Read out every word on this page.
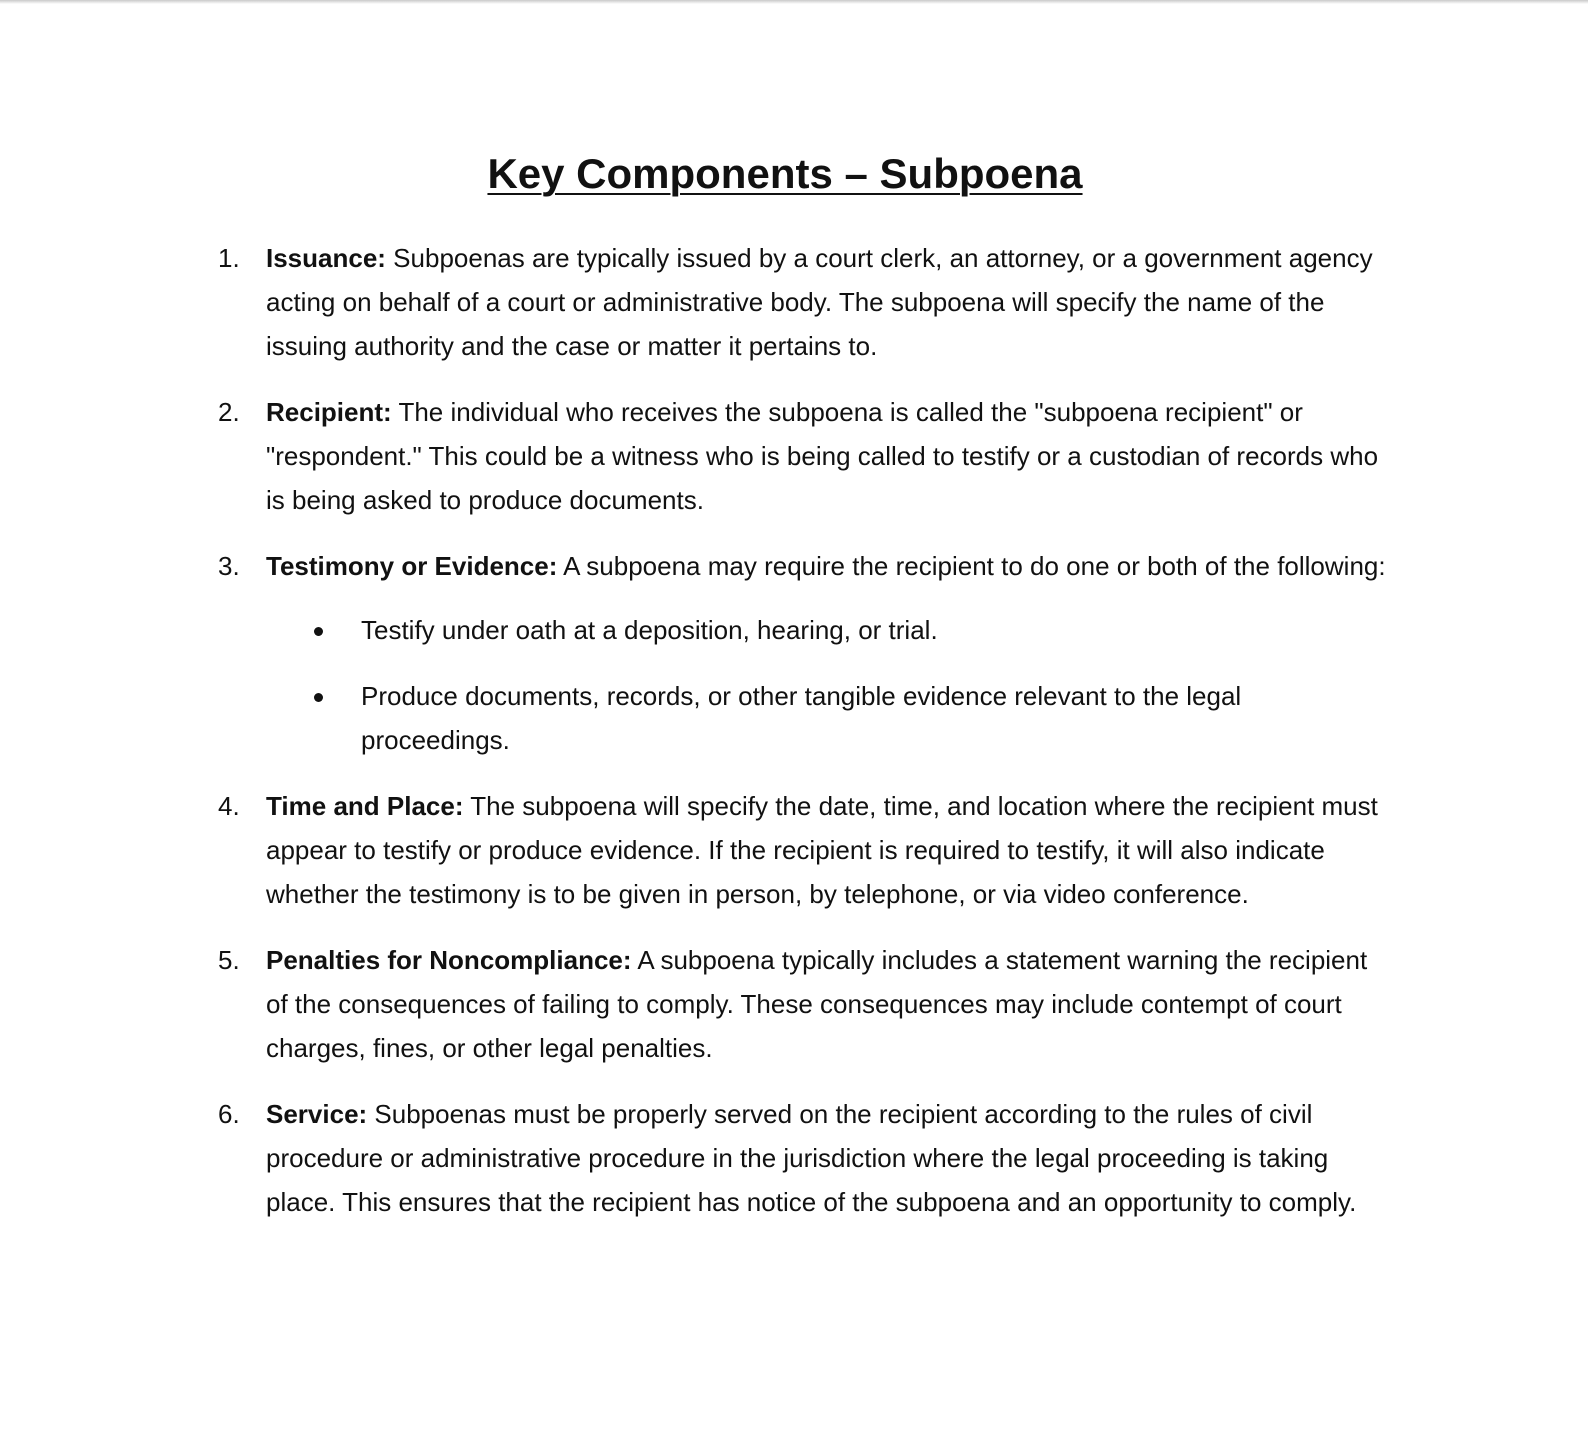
Key Components – Subpoena
1.	Issuance: Subpoenas are typically issued by a court clerk, an attorney, or a government agency acting on behalf of a court or administrative body. The subpoena will specify the name of the issuing authority and the case or matter it pertains to.
2.	Recipient: The individual who receives the subpoena is called the "subpoena recipient" or "respondent." This could be a witness who is being called to testify or a custodian of records who is being asked to produce documents.
3.	Testimony or Evidence: A subpoena may require the recipient to do one or both of the following:
Testify under oath at a deposition, hearing, or trial.
Produce documents, records, or other tangible evidence relevant to the legal proceedings.
4.	Time and Place: The subpoena will specify the date, time, and location where the recipient must appear to testify or produce evidence. If the recipient is required to testify, it will also indicate whether the testimony is to be given in person, by telephone, or via video conference.
5.	Penalties for Noncompliance: A subpoena typically includes a statement warning the recipient of the consequences of failing to comply. These consequences may include contempt of court charges, fines, or other legal penalties.
6.	Service: Subpoenas must be properly served on the recipient according to the rules of civil procedure or administrative procedure in the jurisdiction where the legal proceeding is taking place. This ensures that the recipient has notice of the subpoena and an opportunity to comply.
